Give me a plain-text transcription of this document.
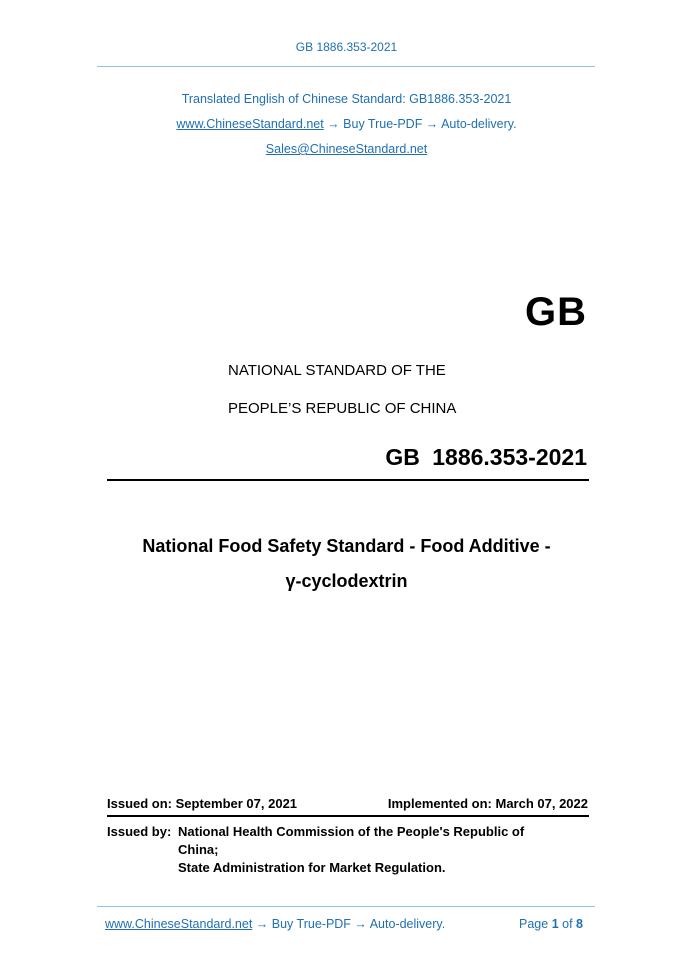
GB 1886.353-2021
Translated English of Chinese Standard: GB1886.353-2021
www.ChineseStandard.net → Buy True-PDF → Auto-delivery.
Sales@ChineseStandard.net
GB
NATIONAL STANDARD OF THE
PEOPLE’S REPUBLIC OF CHINA
GB 1886.353-2021
National Food Safety Standard - Food Additive -
γ-cyclodextrin
Issued on: September 07, 2021	Implemented on: March 07, 2022
Issued by: National Health Commission of the People's Republic of
China;
State Administration for Market Regulation.
www.ChineseStandard.net → Buy True-PDF → Auto-delivery.	Page 1 of 8
